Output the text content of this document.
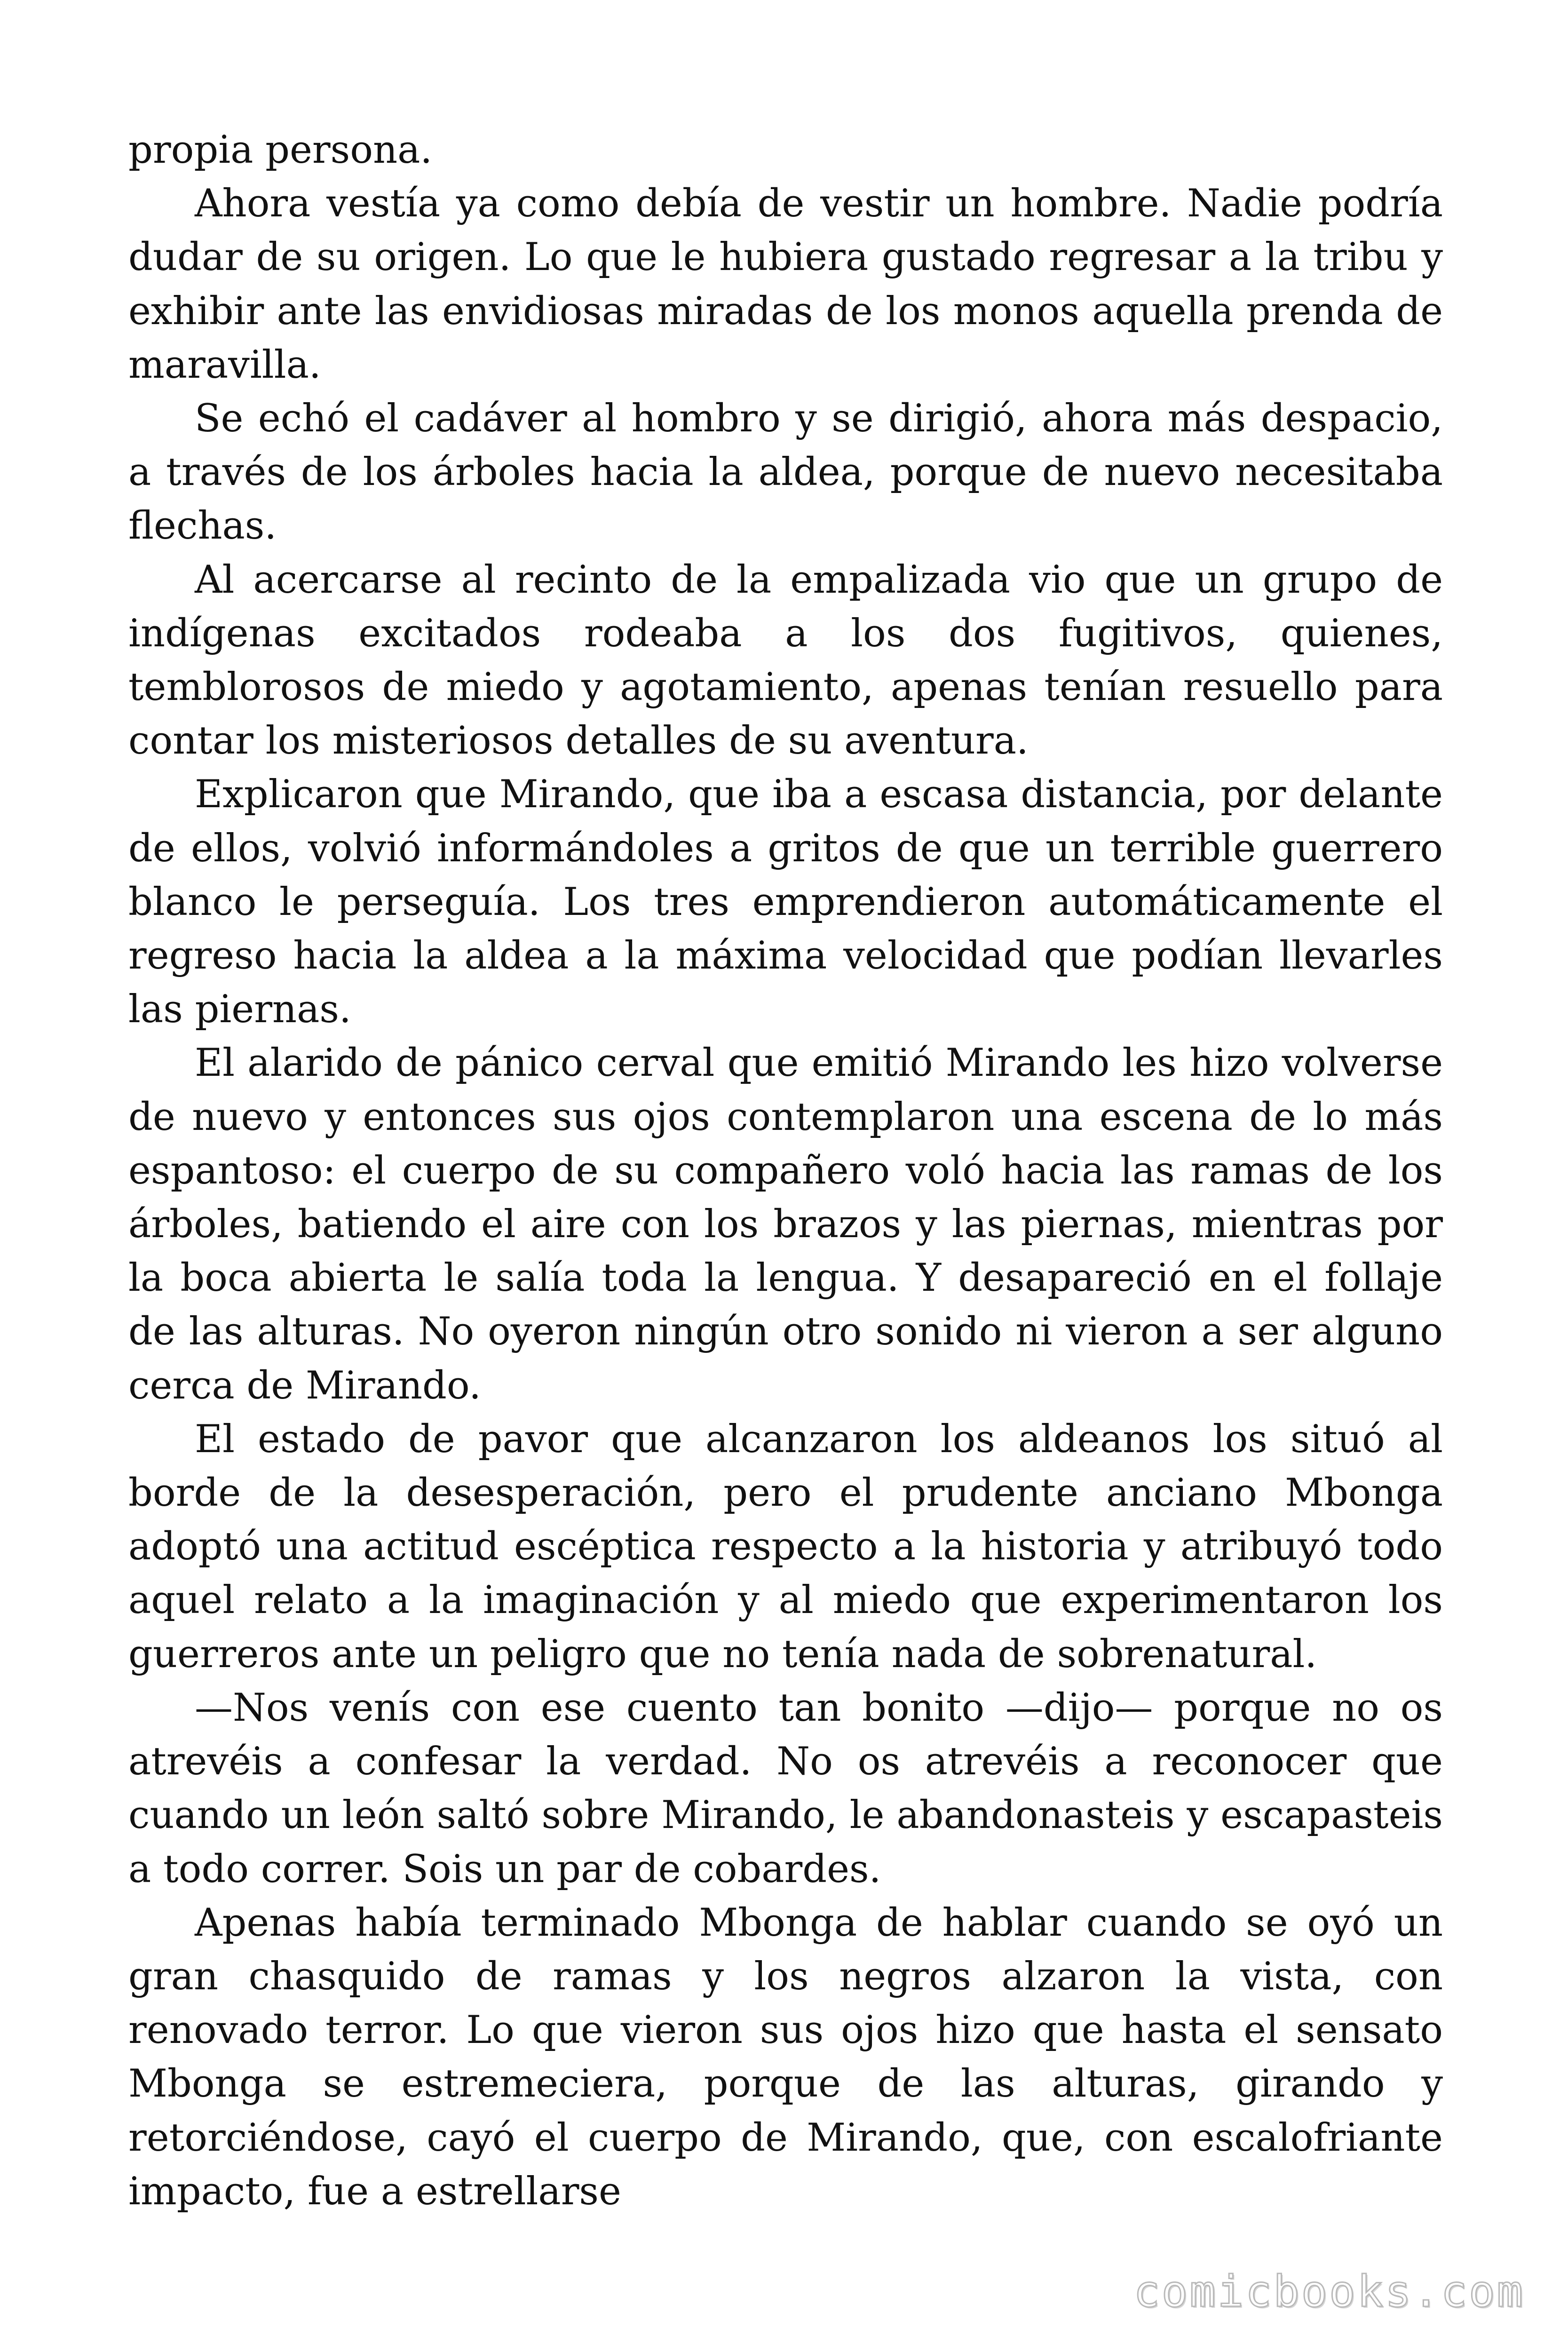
propia persona.

Ahora vestía ya como debía de vestir un hombre. Nadie podría dudar de su origen. Lo que le hubiera gustado regresar a la tribu y exhibir ante las envidiosas miradas de los monos aquella prenda de maravilla.

Se echó el cadáver al hombro y se dirigió, ahora más despacio, a través de los árboles hacia la aldea, porque de nuevo necesitaba flechas.

Al acercarse al recinto de la empalizada vio que un grupo de indígenas excitados rodeaba a los dos fugitivos, quienes, temblorosos de miedo y agotamiento, apenas tenían resuello para contar los misteriosos detalles de su aventura.

Explicaron que Mirando, que iba a escasa distancia, por delante de ellos, volvió informándoles a gritos de que un terrible guerrero blanco le perseguía. Los tres emprendieron automáticamente el regreso hacia la aldea a la máxima velocidad que podían llevarles las piernas.

El alarido de pánico cerval que emitió Mirando les hizo volverse de nuevo y entonces sus ojos contemplaron una escena de lo más espantoso: el cuerpo de su compañero voló hacia las ramas de los árboles, batiendo el aire con los brazos y las piernas, mientras por la boca abierta le salía toda la lengua. Y desapareció en el follaje de las alturas. No oyeron ningún otro sonido ni vieron a ser alguno cerca de Mirando.

El estado de pavor que alcanzaron los aldeanos los situó al borde de la desesperación, pero el prudente anciano Mbonga adoptó una actitud escéptica respecto a la historia y atribuyó todo aquel relato a la imaginación y al miedo que experimentaron los guerreros ante un peligro que no tenía nada de sobrenatural.

—Nos venís con ese cuento tan bonito —dijo— porque no os atrevéis a confesar la verdad. No os atrevéis a reconocer que cuando un león saltó sobre Mirando, le abandonasteis y escapasteis a todo correr. Sois un par de cobardes.

Apenas había terminado Mbonga de hablar cuando se oyó un gran chasquido de ramas y los negros alzaron la vista, con renovado terror. Lo que vieron sus ojos hizo que hasta el sensato Mbonga se estremeciera, porque de las alturas, girando y retorciéndose, cayó el cuerpo de Mirando, que, con escalofriante impacto, fue a estrellarse

comicbooks.com
